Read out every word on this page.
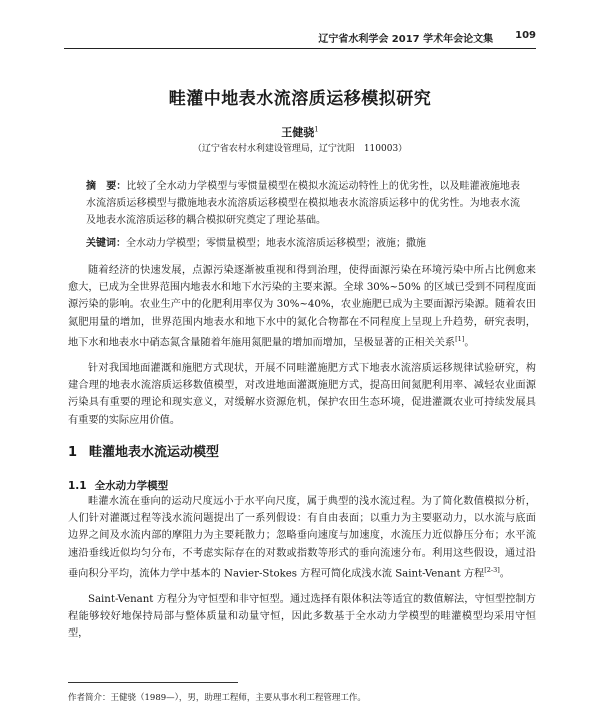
辽宁省水利学会 2017 学术年会论文集 109
畦灌中地表水流溶质运移模拟研究
王健骁$^1$
（辽宁省农村水利建设管理局，辽宁沈阳　110003）
摘　要：比较了全水动力学模型与零惯量模型在模拟水流运动特性上的优劣性，以及畦灌液施地表水流溶质运移模型与撒施地表水流溶质运移模型在模拟地表水流溶质运移中的优劣性。为地表水流及地表水流溶质运移的耦合模拟研究奠定了理论基础。
关键词：全水动力学模型；零惯量模型；地表水流溶质运移模型；液施；撒施
随着经济的快速发展，点源污染逐渐被重视和得到治理，使得面源污染在环境污染中所占比例愈来愈大，已成为全世界范围内地表水和地下水污染的主要来源。全球 30%~50% 的区域已受到不同程度面源污染的影响。农业生产中的化肥利用率仅为 30%~40%，农业施肥已成为主要面源污染源。随着农田氮肥用量的增加，世界范围内地表水和地下水中的氮化合物都在不同程度上呈现上升趋势，研究表明，地下水和地表水中硝态氮含量随着年施用氮肥量的增加而增加，呈极显著的正相关关系[1]。
针对我国地面灌溉和施肥方式现状，开展不同畦灌施肥方式下地表水流溶质运移规律试验研究，构建合理的地表水流溶质运移数值模型，对改进地面灌溉施肥方式，提高田间氮肥利用率、减轻农业面源污染具有重要的理论和现实意义，对缓解水资源危机，保护农田生态环境，促进灌溉农业可持续发展具有重要的实际应用价值。
1 畦灌地表水流运动模型
1.1 全水动力学模型
畦灌水流在垂向的运动尺度远小于水平向尺度，属于典型的浅水流过程。为了简化数值模拟分析，人们针对灌溉过程等浅水流问题提出了一系列假设：有自由表面；以重力为主要驱动力，以水流与底面边界之间及水流内部的摩阻力为主要耗散力；忽略垂向速度与加速度，水流压力近似静压分布；水平流速沿垂线近似均匀分布，不考虑实际存在的对数或指数等形式的垂向流速分布。利用这些假设，通过沿垂向积分平均，流体力学中基本的 Navier-Stokes 方程可简化成浅水流 Saint-Venant 方程[2-3]。
Saint-Venant 方程分为守恒型和非守恒型。通过选择有限体积法等适宜的数值解法，守恒型控制方程能够较好地保持局部与整体质量和动量守恒，因此多数基于全水动力学模型的畦灌模型均采用守恒型，
作者简介：王健骁（1989—），男，助理工程师，主要从事水利工程管理工作。
